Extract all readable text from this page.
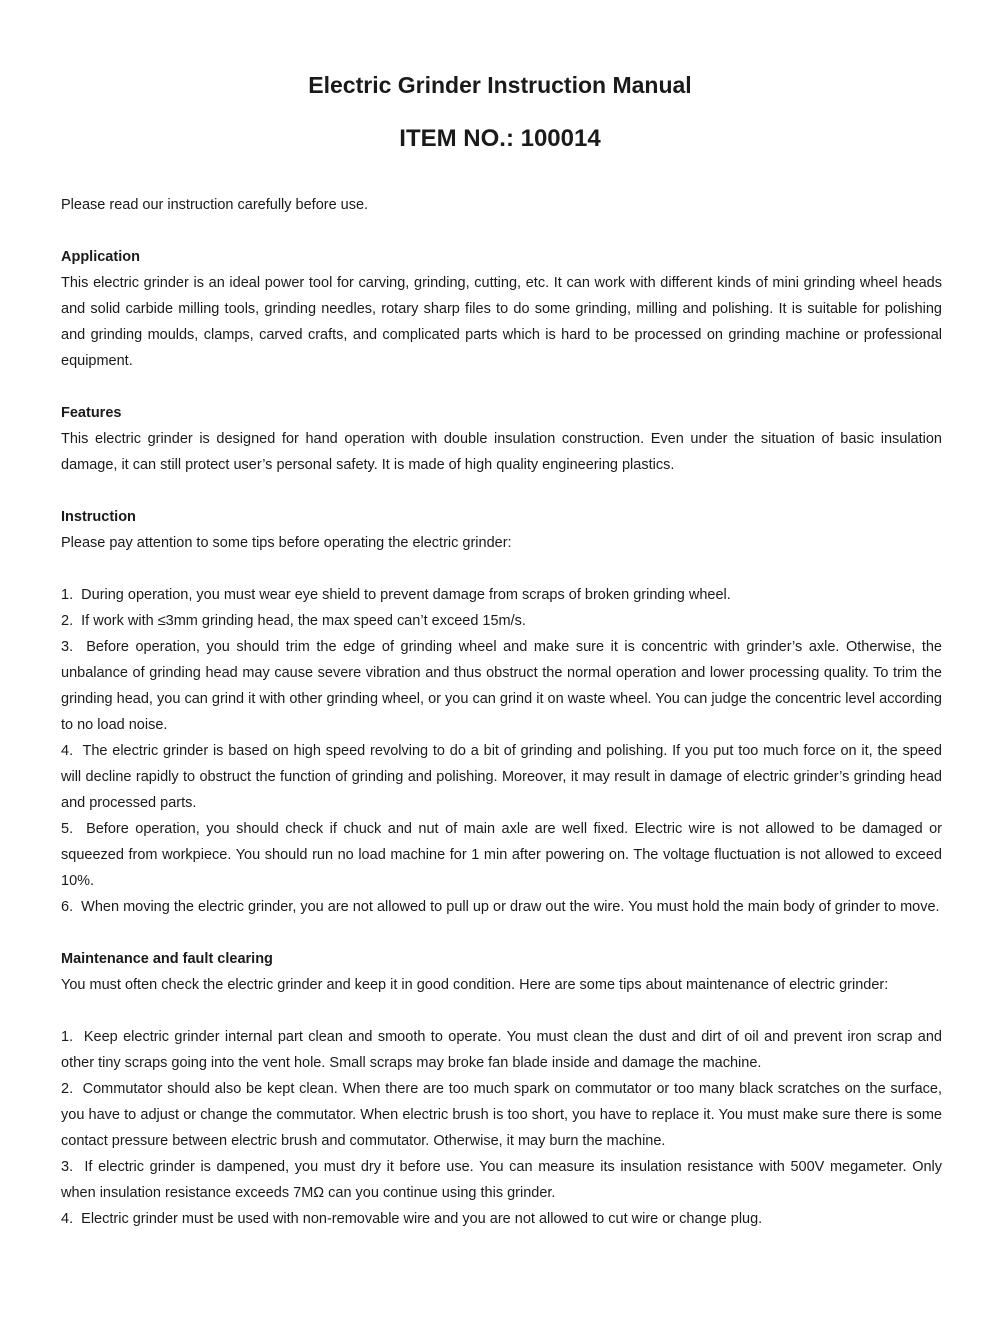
Electric Grinder Instruction Manual
ITEM NO.: 100014

Please read our instruction carefully before use.

Application

This electric grinder is an ideal power tool for carving, grinding, cutting, etc. It can work with different kinds of mini grinding wheel heads and solid carbide milling tools, grinding needles, rotary sharp files to do some grinding, milling and polishing. It is suitable for polishing and grinding moulds, clamps, carved crafts, and complicated parts which is hard to be processed on grinding machine or professional equipment.

Features

This electric grinder is designed for hand operation with double insulation construction. Even under the situation of basic insulation damage, it can still protect user’s personal safety. It is made of high quality engineering plastics.

Instruction

Please pay attention to some tips before operating the electric grinder:

1. During operation, you must wear eye shield to prevent damage from scraps of broken grinding wheel.
2. If work with ≤3mm grinding head, the max speed can’t exceed 15m/s.
3. Before operation, you should trim the edge of grinding wheel and make sure it is concentric with grinder’s axle. Otherwise, the unbalance of grinding head may cause severe vibration and thus obstruct the normal operation and lower processing quality. To trim the grinding head, you can grind it with other grinding wheel, or you can grind it on waste wheel. You can judge the concentric level according to no load noise.
4. The electric grinder is based on high speed revolving to do a bit of grinding and polishing. If you put too much force on it, the speed will decline rapidly to obstruct the function of grinding and polishing. Moreover, it may result in damage of electric grinder’s grinding head and processed parts.
5. Before operation, you should check if chuck and nut of main axle are well fixed. Electric wire is not allowed to be damaged or squeezed from workpiece. You should run no load machine for 1 min after powering on. The voltage fluctuation is not allowed to exceed 10%.
6. When moving the electric grinder, you are not allowed to pull up or draw out the wire. You must hold the main body of grinder to move.
Maintenance and fault clearing

You must often check the electric grinder and keep it in good condition. Here are some tips about maintenance of electric grinder:

1. Keep electric grinder internal part clean and smooth to operate. You must clean the dust and dirt of oil and prevent iron scrap and other tiny scraps going into the vent hole. Small scraps may broke fan blade inside and damage the machine.
2. Commutator should also be kept clean. When there are too much spark on commutator or too many black scratches on the surface, you have to adjust or change the commutator. When electric brush is too short, you have to replace it. You must make sure there is some contact pressure between electric brush and commutator. Otherwise, it may burn the machine.
3. If electric grinder is dampened, you must dry it before use. You can measure its insulation resistance with 500V megameter. Only when insulation resistance exceeds 7MΩ can you continue using this grinder.
4. Electric grinder must be used with non-removable wire and you are not allowed to cut wire or change plug.
